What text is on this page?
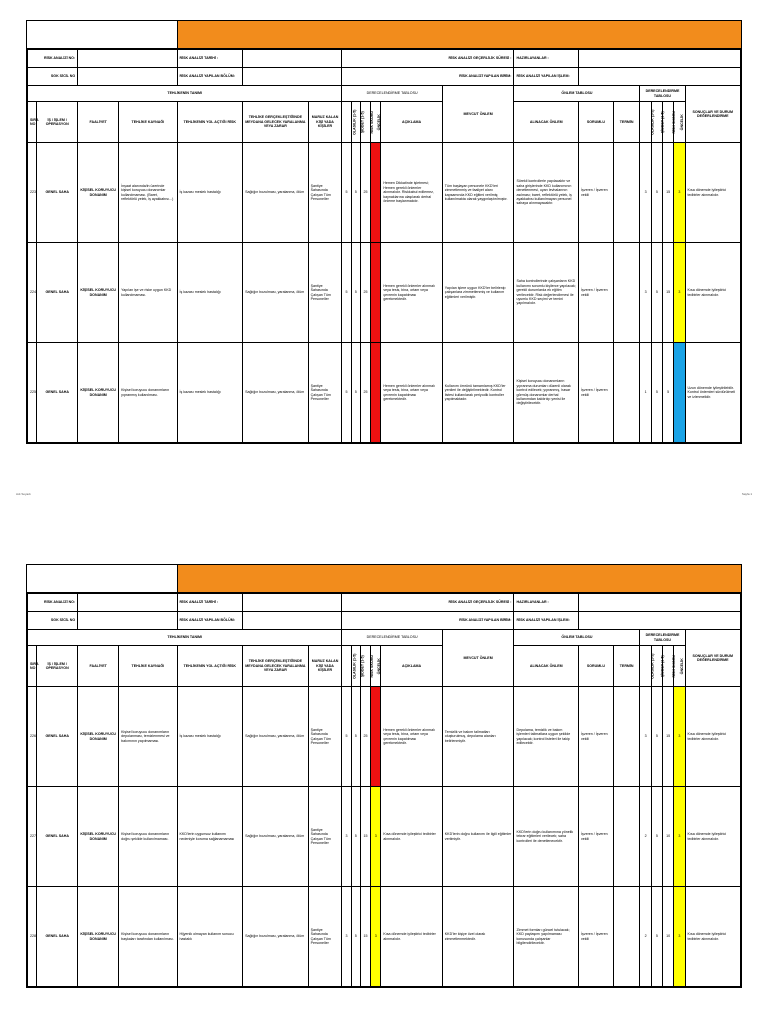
RİSK ANALİZİ NO:				RİSK ANALİZİ TARİHİ :			RİSK ANALİZİ GEÇERLİLİK SÜRESİ :						HAZIRLAYANLAR :							
SGK SİCİL NO				RİSK ANALİZİ YAPILAN BÖLÜM:			RİSK ANALİZİ YAPILAN BİRİM:						RİSK ANALİZİ YAPILAN İŞLEM:							
TEHLİKENİN TANIMI							DERECELENDİRME TABLOSU					MEVCUT ÖNLEM	ÖNLEM TABLOSU			DERECELENDİRME TABLOSU				SONUÇLAR VE DURUM DEĞERLENDİRME
SIRA NO	İŞ / İŞLEM / OPERASYON	FAALİYET	TEHLİKE KAYNAĞI	TEHLİKENİN YOL AÇTIĞI RİSK	TEHLİKE GERÇEKLEŞTİĞİNDE MEYDANA GELECEK YARALANMA VEYA ZARAR	MARUZ KALAN KİŞİ YADA KİŞİLER	OLASILIK (1-5)	ŞİDDET (1-5)	RİSK SKORU	ÖNCELİK	AÇIKLAMA		ALINACAK ÖNLEM	SORUMLU	TERMİN	OLASILIK (1-5)	ŞİDDET (1-5)	RİSK SKORU	ÖNCELİK	
223	GENEL SAHA	KİŞİSEL KORUYUCU DONANIM	İnşaat alanında/in üzerinde kişisel koruyucu donanımlar kullanılmaması. (Baret, reflektörlü yelek, iş ayakkabısı...)	İş kazası meslek hastalığı	Sağlığın bozulması, yaralanma, ölüm	Şantiye Sahasında Çalışan Tüm Personeller	5	5	25		Hemen Dikkatinde işletmesi; Hemen gerekli önlemler alınmalıdır. Riskkabul edilemez, kaynaklarına ulaşılarak derhal önleme başlanmalıdır.	Tüm başlayan personele KKD'leri zimmetlenmiş ve faaliyet alanı kapsamında KKD eğitimi verilmiş; kullanılmakta olarak yaygınlaştırılmıştır.	Sürekli kontrollerle yapılacaktır ve saha girişlerinde KKD kullanımının denetlenmesi, uyarı levhalarının asılması; baret, reflektörlü yelek, iş ayakkabısı kullanılmayan personel sahaya alınmayacaktır.	İşveren / İşveren vekili		3	5	15	3	Kısa dönemde iyileştirici tedbirler alınmalıdır.
224	GENEL SAHA	KİŞİSEL KORUYUCU DONANIM	Yapılan işe ve riske uygun KKD kullanılmaması.	İş kazası meslek hastalığı	Sağlığın bozulması, yaralanma, ölüm	Şantiye Sahasında Çalışan Tüm Personeller	5	5	25		Hemen gerekli önlemler alınmalı veya tesis, bina, ortam veya çevrenin kapatılması gerekmektedir.	Yapılan işlere uygun KKD'ler belirlenip çalışanlara zimmetlenmiş ve kullanım eğitimleri verilmiştir.	Saha kontrollerinde çalışanların KKD kullanımı sorumlu kişilerce yapılacak; gerekli durumlarda ek eğitim verilecektir. Risk değerlendirmesi ile uyumlu KKD seçimi ve temini yapılmalıdır.	İşveren / İşveren vekili		3	5	15	3	Kısa dönemde iyileştirici tedbirler alınmalıdır.
225	GENEL SAHA	KİŞİSEL KORUYUCU DONANIM	Kişisel koruyucu donanımların yıpranmış kullanılması.	İş kazası meslek hastalığı	Sağlığın bozulması, yaralanma, ölüm	Şantiye Sahasında Çalışan Tüm Personeller	5	5	25		Hemen gerekli önlemler alınmalı veya tesis, bina, ortam veya çevrenin kapatılması gerekmektedir.	Kullanım ömrünü tamamlamış KKD'ler yenileri ile değiştirilmektedir. Kontrol listesi kullanılarak periyodik kontroller yapılmaktadır.	Kişisel koruyucu donanımların yıpranma durumları düzenli olarak kontrol edilecek; yıpranmış, hasar görmüş donanımlar derhal kullanımdan kaldırılıp yenisi ile değiştirilecektir.	İşveren / İşveren vekili		1	5	5		Uzun dönemde iyileştirilebilir. Kontrol önlemleri sürdürülmeli ve izlenmelidir.
Adı Soyadı	Sayfa 1
RİSK ANALİZİ NO:				RİSK ANALİZİ TARİHİ :			RİSK ANALİZİ GEÇERLİLİK SÜRESİ :						HAZIRLAYANLAR :							
SGK SİCİL NO				RİSK ANALİZİ YAPILAN BÖLÜM:			RİSK ANALİZİ YAPILAN BİRİM:						RİSK ANALİZİ YAPILAN İŞLEM:							
TEHLİKENİN TANIMI							DERECELENDİRME TABLOSU					MEVCUT ÖNLEM	ÖNLEM TABLOSU			DERECELENDİRME TABLOSU				SONUÇLAR VE DURUM DEĞERLENDİRME
SIRA NO	İŞ / İŞLEM / OPERASYON	FAALİYET	TEHLİKE KAYNAĞI	TEHLİKENİN YOL AÇTIĞI RİSK	TEHLİKE GERÇEKLEŞTİĞİNDE MEYDANA GELECEK YARALANMA VEYA ZARAR	MARUZ KALAN KİŞİ YADA KİŞİLER	OLASILIK (1-5)	ŞİDDET (1-5)	RİSK SKORU	ÖNCELİK	AÇIKLAMA		ALINACAK ÖNLEM	SORUMLU	TERMİN	OLASILIK (1-5)	ŞİDDET (1-5)	RİSK SKORU	ÖNCELİK	
226	GENEL SAHA	KİŞİSEL KORUYUCU DONANIM	Kişisel koruyucu donanımların depolanması, temizlenmesi ve bakımının yapılmaması.	İş kazası meslek hastalığı	Sağlığın bozulması, yaralanma, ölüm	Şantiye Sahasında Çalışan Tüm Personeller	5	5	25		Hemen gerekli önlemler alınmalı veya tesis, bina, ortam veya çevrenin kapatılması gerekmektedir.	Temizlik ve bakım talimatları oluşturulmuş, depolama alanları belirlenmiştir.	Depolama, temizlik ve bakım işlemleri talimatlara uygun şekilde yapılacak; kontrol listeleri ile takip edilecektir.	İşveren / İşveren vekili		3	5	15	3	Kısa dönemde iyileştirici tedbirler alınmalıdır.
227	GENEL SAHA	KİŞİSEL KORUYUCU DONANIM	Kişisel koruyucu donanımların doğru şekilde kullanılmaması.	KKD'lerin uygunsuz kullanımı nedeniyle koruma sağlanamaması	Sağlığın bozulması, yaralanma, ölüm	Şantiye Sahasında Çalışan Tüm Personeller	3	5	15	3	Kısa dönemde iyileştirici tedbirler alınmalıdır.	KKD'lerin doğru kullanımı ile ilgili eğitimler verilmiştir.	KKD'lerin doğru kullanımına yönelik tekrar eğitimleri verilecek; saha kontrolleri ile denetlenecektir.	İşveren / İşveren vekili		2	5	10	3	Kısa dönemde iyileştirici tedbirler alınmalıdır.
228	GENEL SAHA	KİŞİSEL KORUYUCU DONANIM	Kişisel koruyucu donanımların başkaları tarafından kullanılması.	Hijyenik olmayan kullanım sonucu hastalık	Sağlığın bozulması, yaralanma, ölüm	Şantiye Sahasında Çalışan Tüm Personeller	3	5	15	3	Kısa dönemde iyileştirici tedbirler alınmalıdır.	KKD'ler kişiye özel olarak zimmetlenmektedir.	Zimmet formları güncel tutulacak; KKD paylaşımı yapılmaması konusunda çalışanlar bilgilendirilecektir.	İşveren / İşveren vekili		2	5	10	3	Kısa dönemde iyileştirici tedbirler alınmalıdır.
